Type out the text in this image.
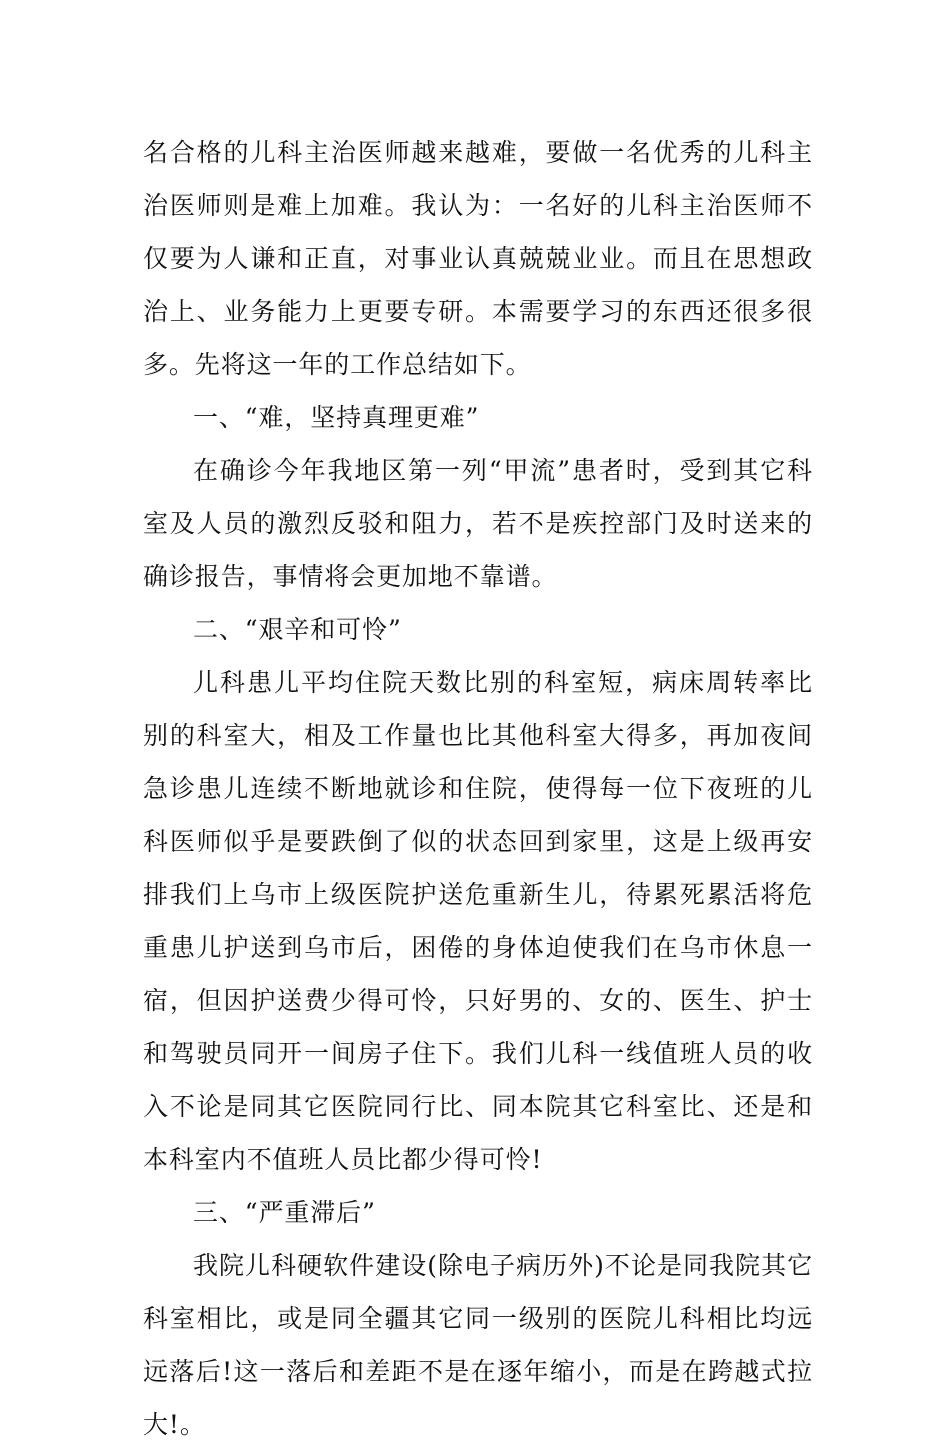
名合格的儿科主治医师越来越难，要做一名优秀的儿科主治医师则是难上加难。我认为：一名好的儿科主治医师不仅要为人谦和正直，对事业认真兢兢业业。而且在思想政治上、业务能力上更要专研。本需要学习的东西还很多很多。先将这一年的工作总结如下。

一、“难，坚持真理更难”

在确诊今年我地区第一列“甲流”患者时，受到其它科室及人员的激烈反驳和阻力，若不是疾控部门及时送来的确诊报告，事情将会更加地不靠谱。

二、“艰辛和可怜”

儿科患儿平均住院天数比别的科室短，病床周转率比别的科室大，相及工作量也比其他科室大得多，再加夜间急诊患儿连续不断地就诊和住院，使得每一位下夜班的儿科医师似乎是要跌倒了似的状态回到家里，这是上级再安排我们上乌市上级医院护送危重新生儿，待累死累活将危重患儿护送到乌市后，困倦的身体迫使我们在乌市休息一宿，但因护送费少得可怜，只好男的、女的、医生、护士和驾驶员同开一间房子住下。我们儿科一线值班人员的收入不论是同其它医院同行比、同本院其它科室比、还是和本科室内不值班人员比都少得可怜!

三、“严重滞后”

我院儿科硬软件建设(除电子病历外)不论是同我院其它科室相比，或是同全疆其它同一级别的医院儿科相比均远远落后!这一落后和差距不是在逐年缩小，而是在跨越式拉大!。
